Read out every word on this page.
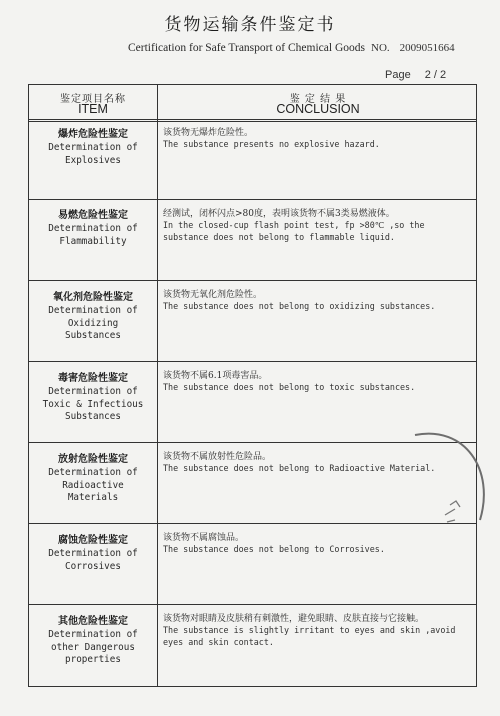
货物运输条件鉴定书
Certification for Safe Transport of Chemical Goods NO. 2009051664
Page 2 / 2
鉴定项目名称
ITEM
鉴 定 结 果
CONCLUSION
爆炸危险性鉴定
Determination of
Explosives
该货物无爆炸危险性。
The substance presents no explosive hazard.
易燃危险性鉴定
Determination of
Flammability
经测试，闭杯闪点>80度，表明该货物不属3类易燃液体。
In the closed-cup flash point test, fp >80℃ ,so the
substance does not belong to flammable liquid.
氧化剂危险性鉴定
Determination of
Oxidizing
Substances
该货物无氧化剂危险性。
The substance does not belong to oxidizing substances.
毒害危险性鉴定
Determination of
Toxic & Infectious
Substances
该货物不属6.1项毒害品。
The substance does not belong to toxic substances.
放射危险性鉴定
Determination of
Radioactive
Materials
该货物不属放射性危险品。
The substance does not belong to Radioactive Material.
腐蚀危险性鉴定
Determination of
Corrosives
该货物不属腐蚀品。
The substance does not belong to Corrosives.
其他危险性鉴定
Determination of
other Dangerous
properties
该货物对眼睛及皮肤稍有刺激性，避免眼睛、皮肤直接与它接触。
The substance is slightly irritant to eyes and skin ,avoid
eyes and skin contact.
